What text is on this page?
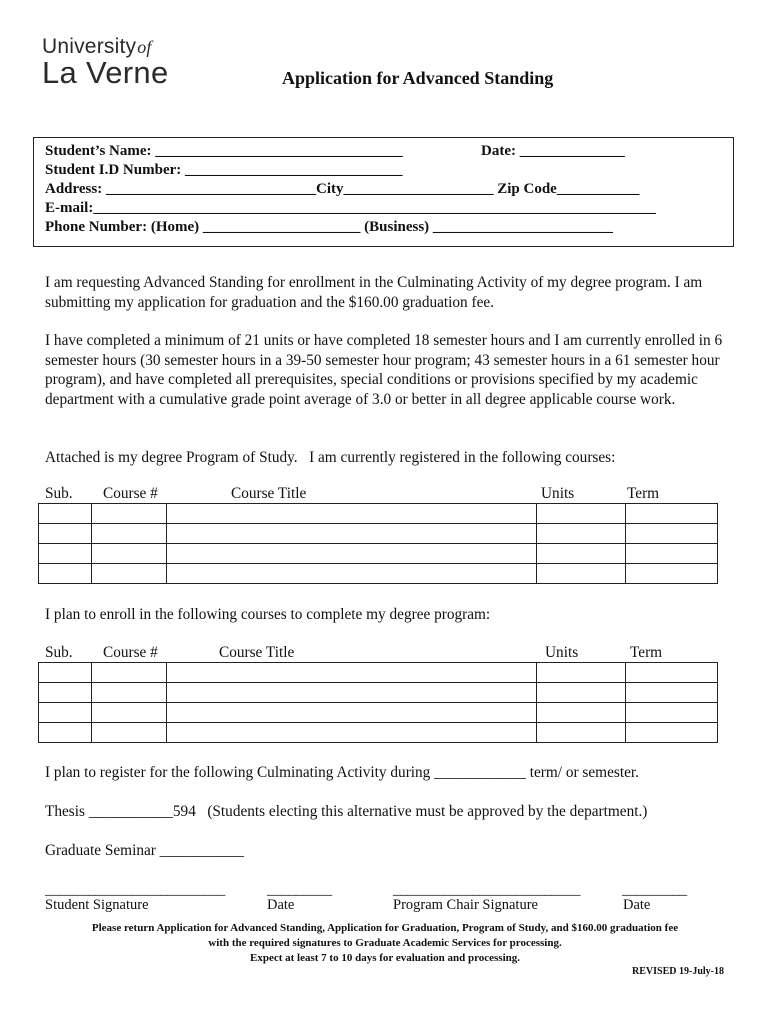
Universityof
La Verne	Application for Advanced Standing
Student’s Name: _________________________________	Date: ______________
Student I.D Number: _____________________________
Address: ____________________________City____________________ Zip Code___________
E-mail:___________________________________________________________________________
Phone Number: (Home) _____________________ (Business) ________________________
I am requesting Advanced Standing for enrollment in the Culminating Activity of my degree program. I am submitting my application for graduation and the $160.00 graduation fee.
I have completed a minimum of 21 units or have completed 18 semester hours and I am currently enrolled in 6 semester hours (30 semester hours in a 39-50 semester hour program; 43 semester hours in a 61 semester hour program), and have completed all prerequisites, special conditions or provisions specified by my academic department with a cumulative grade point average of 3.0 or better in all degree applicable course work.
Attached is my degree Program of Study.   I am currently registered in the following courses:
Sub. Course #	Course Title	Units	Term

I plan to enroll in the following courses to complete my degree program:
Sub. Course #	Course Title	Units	Term

I plan to register for the following Culminating Activity during ____________ term/ or semester.
Thesis ___________594   (Students electing this alternative must be approved by the department.)
Graduate Seminar ___________
_________________________	_________	__________________________	_________
Student Signature	Date	Program Chair Signature	Date
Please return Application for Advanced Standing, Application for Graduation, Program of Study, and $160.00 graduation fee
with the required signatures to Graduate Academic Services for processing.
Expect at least 7 to 10 days for evaluation and processing.
REVISED 19-July-18
